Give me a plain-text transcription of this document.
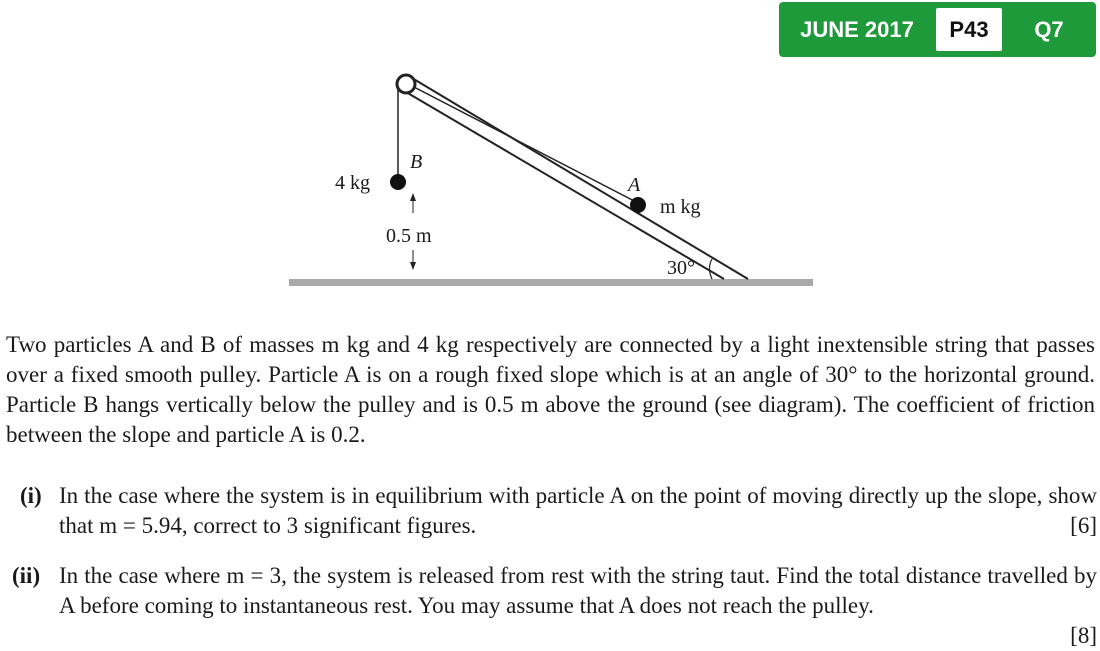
JUNE 2017	P43	Q7
4 kg
B
A
m kg
0.5 m
30°
Two particles A and B of masses m kg and 4 kg respectively are connected by a light inextensible string that passes over a fixed smooth pulley. Particle A is on a rough fixed slope which is at an angle of 30° to the horizontal ground. Particle B hangs vertically below the pulley and is 0.5 m above the ground (see diagram). The coefficient of friction between the slope and particle A is 0.2.
(i) In the case where the system is in equilibrium with particle A on the point of moving directly up the slope, show that m = 5.94, correct to 3 significant figures.	[6]
(ii) In the case where m = 3, the system is released from rest with the string taut. Find the total distance travelled by A before coming to instantaneous rest. You may assume that A does not reach the pulley.
[8]
